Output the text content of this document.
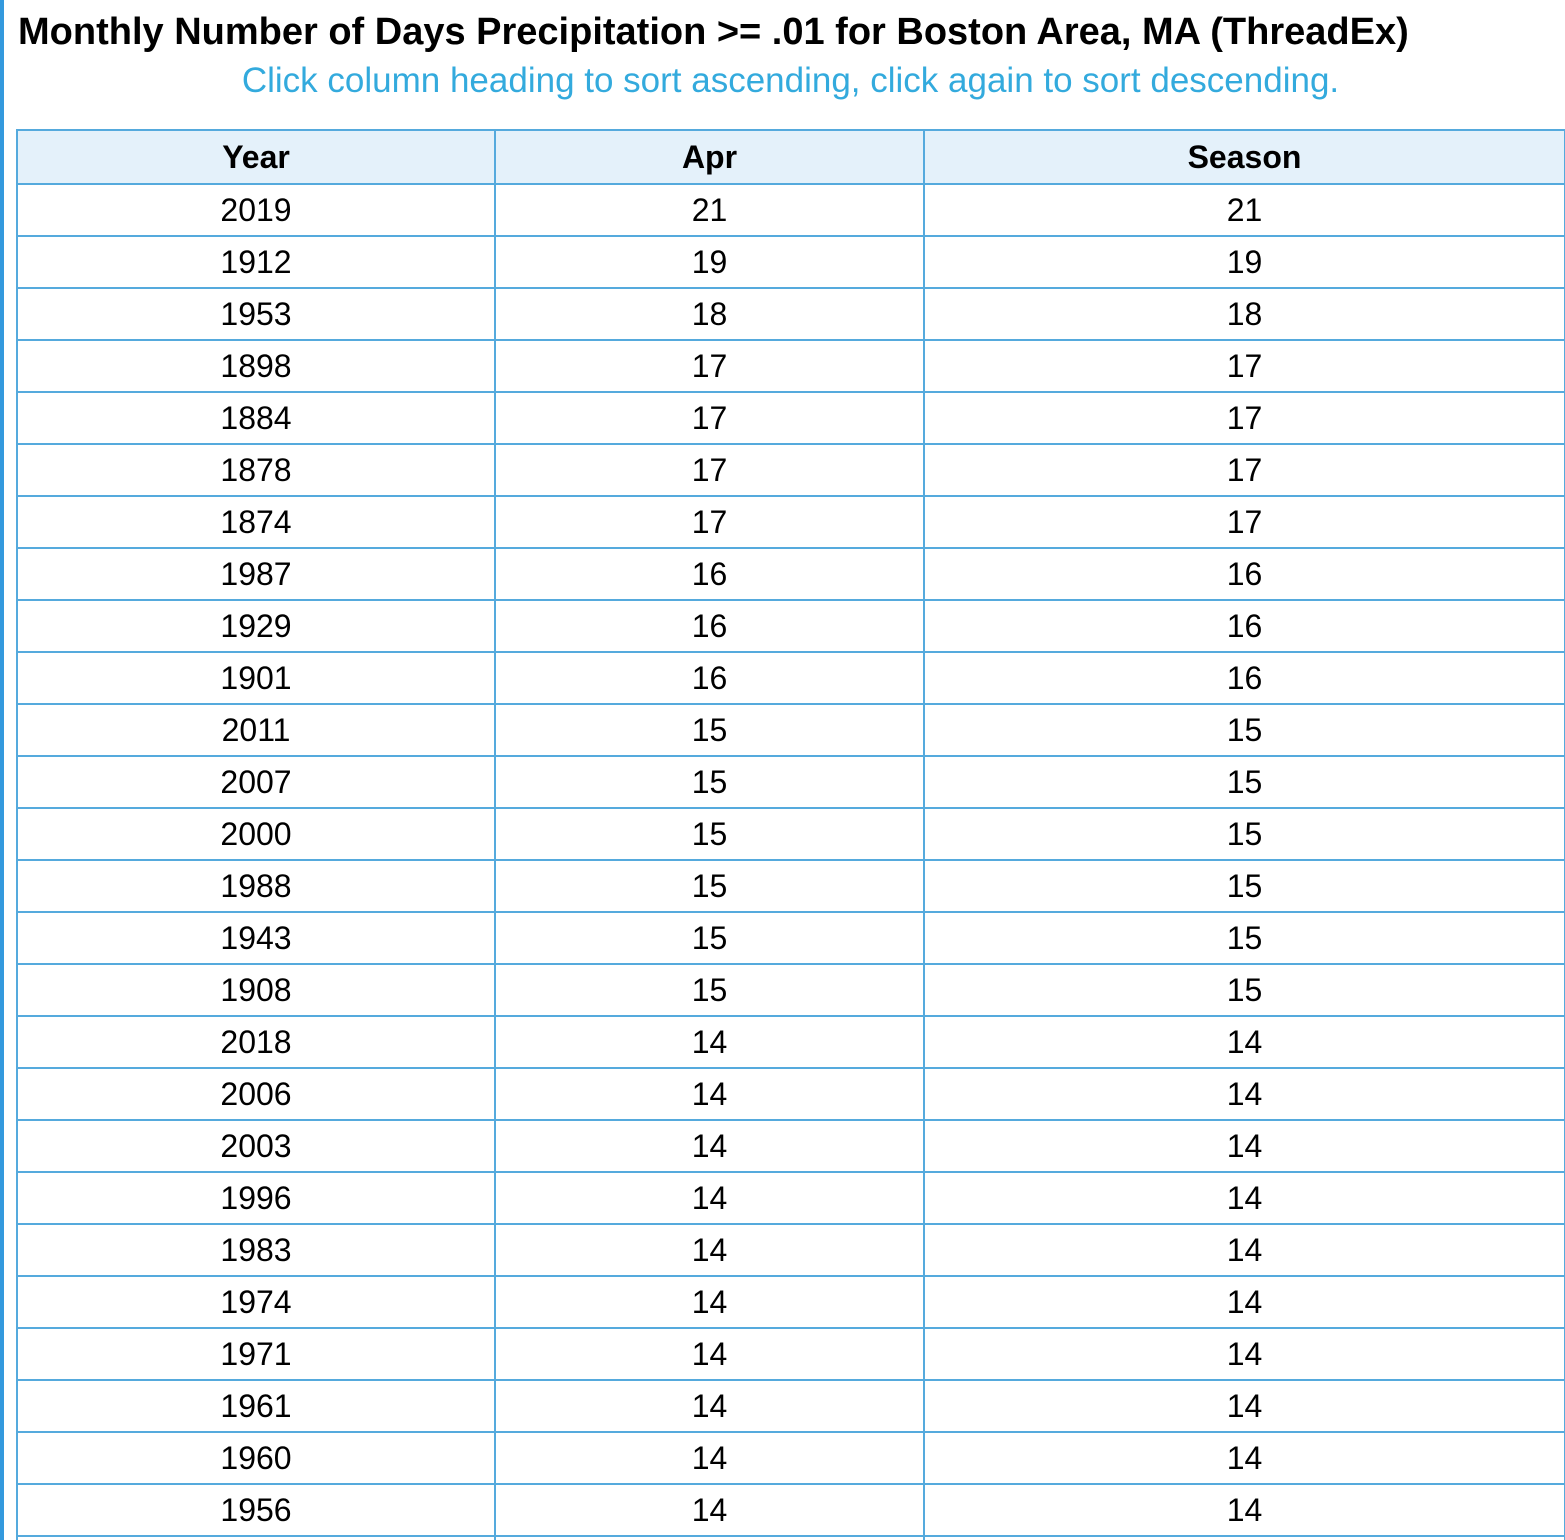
Monthly Number of Days Precipitation >= .01 for Boston Area, MA (ThreadEx)
Click column heading to sort ascending, click again to sort descending.
Year	Apr	Season
2019	21	21
1912	19	19
1953	18	18
1898	17	17
1884	17	17
1878	17	17
1874	17	17
1987	16	16
1929	16	16
1901	16	16
2011	15	15
2007	15	15
2000	15	15
1988	15	15
1943	15	15
1908	15	15
2018	14	14
2006	14	14
2003	14	14
1996	14	14
1983	14	14
1974	14	14
1971	14	14
1961	14	14
1960	14	14
1956	14	14
